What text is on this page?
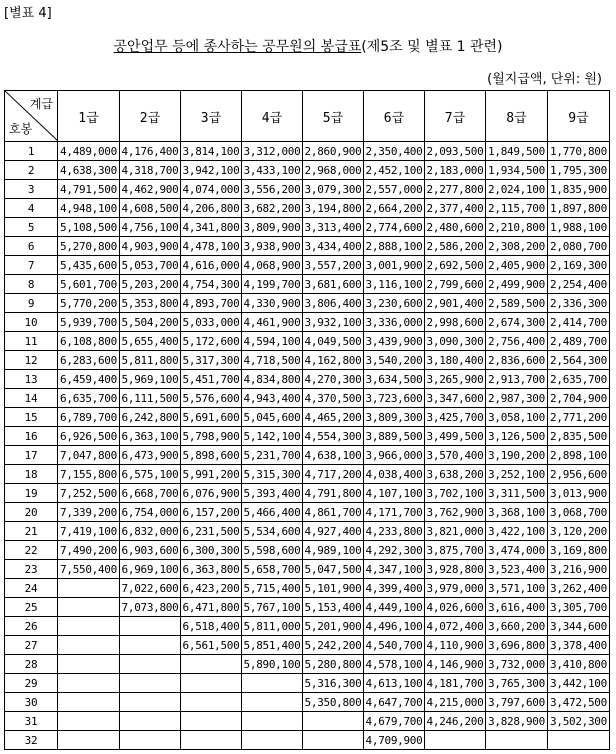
[별표 4]
공안업무 등에 종사하는 공무원의 봉급표(제5조 및 별표 1 관련)
(월지급액, 단위: 원)
계급
호봉	1급	2급	3급	4급	5급	6급	7급	8급	9급
1	4,489,000	4,176,400	3,814,100	3,312,000	2,860,900	2,350,400	2,093,500	1,849,500	1,770,800
2	4,638,300	4,318,700	3,942,100	3,433,100	2,968,000	2,452,100	2,183,000	1,934,500	1,795,300
3	4,791,500	4,462,900	4,074,000	3,556,200	3,079,300	2,557,000	2,277,800	2,024,100	1,835,900
4	4,948,100	4,608,500	4,206,800	3,682,200	3,194,800	2,664,200	2,377,400	2,115,700	1,897,800
5	5,108,500	4,756,100	4,341,800	3,809,900	3,313,400	2,774,600	2,480,600	2,210,800	1,988,100
6	5,270,800	4,903,900	4,478,100	3,938,900	3,434,400	2,888,100	2,586,200	2,308,200	2,080,700
7	5,435,600	5,053,700	4,616,000	4,068,900	3,557,200	3,001,900	2,692,500	2,405,900	2,169,300
8	5,601,700	5,203,200	4,754,300	4,199,700	3,681,600	3,116,100	2,799,600	2,499,900	2,254,400
9	5,770,200	5,353,800	4,893,700	4,330,900	3,806,400	3,230,600	2,901,400	2,589,500	2,336,300
10	5,939,700	5,504,200	5,033,000	4,461,900	3,932,100	3,336,000	2,998,600	2,674,300	2,414,700
11	6,108,800	5,655,400	5,172,600	4,594,100	4,049,500	3,439,900	3,090,300	2,756,400	2,489,700
12	6,283,600	5,811,800	5,317,300	4,718,500	4,162,800	3,540,200	3,180,400	2,836,600	2,564,300
13	6,459,400	5,969,100	5,451,700	4,834,800	4,270,300	3,634,500	3,265,900	2,913,700	2,635,700
14	6,635,700	6,111,500	5,576,600	4,943,400	4,370,500	3,723,600	3,347,600	2,987,300	2,704,900
15	6,789,700	6,242,800	5,691,600	5,045,600	4,465,200	3,809,300	3,425,700	3,058,100	2,771,200
16	6,926,500	6,363,100	5,798,900	5,142,100	4,554,300	3,889,500	3,499,500	3,126,500	2,835,500
17	7,047,800	6,473,900	5,898,600	5,231,700	4,638,100	3,966,000	3,570,400	3,190,200	2,898,100
18	7,155,800	6,575,100	5,991,200	5,315,300	4,717,200	4,038,400	3,638,200	3,252,100	2,956,600
19	7,252,500	6,668,700	6,076,900	5,393,400	4,791,800	4,107,100	3,702,100	3,311,500	3,013,900
20	7,339,200	6,754,000	6,157,200	5,466,400	4,861,700	4,171,700	3,762,900	3,368,100	3,068,700
21	7,419,100	6,832,000	6,231,500	5,534,600	4,927,400	4,233,800	3,821,000	3,422,100	3,120,200
22	7,490,200	6,903,600	6,300,300	5,598,600	4,989,100	4,292,300	3,875,700	3,474,000	3,169,800
23	7,550,400	6,969,100	6,363,800	5,658,700	5,047,500	4,347,100	3,928,800	3,523,400	3,216,900
24		7,022,600	6,423,200	5,715,400	5,101,900	4,399,400	3,979,000	3,571,100	3,262,400
25		7,073,800	6,471,800	5,767,100	5,153,400	4,449,100	4,026,600	3,616,400	3,305,700
26			6,518,400	5,811,000	5,201,900	4,496,100	4,072,400	3,660,200	3,344,600
27			6,561,500	5,851,400	5,242,200	4,540,700	4,110,900	3,696,800	3,378,400
28				5,890,100	5,280,800	4,578,100	4,146,900	3,732,000	3,410,800
29					5,316,300	4,613,100	4,181,700	3,765,300	3,442,100
30					5,350,800	4,647,700	4,215,000	3,797,600	3,472,500
31						4,679,700	4,246,200	3,828,900	3,502,300
32						4,709,900			
